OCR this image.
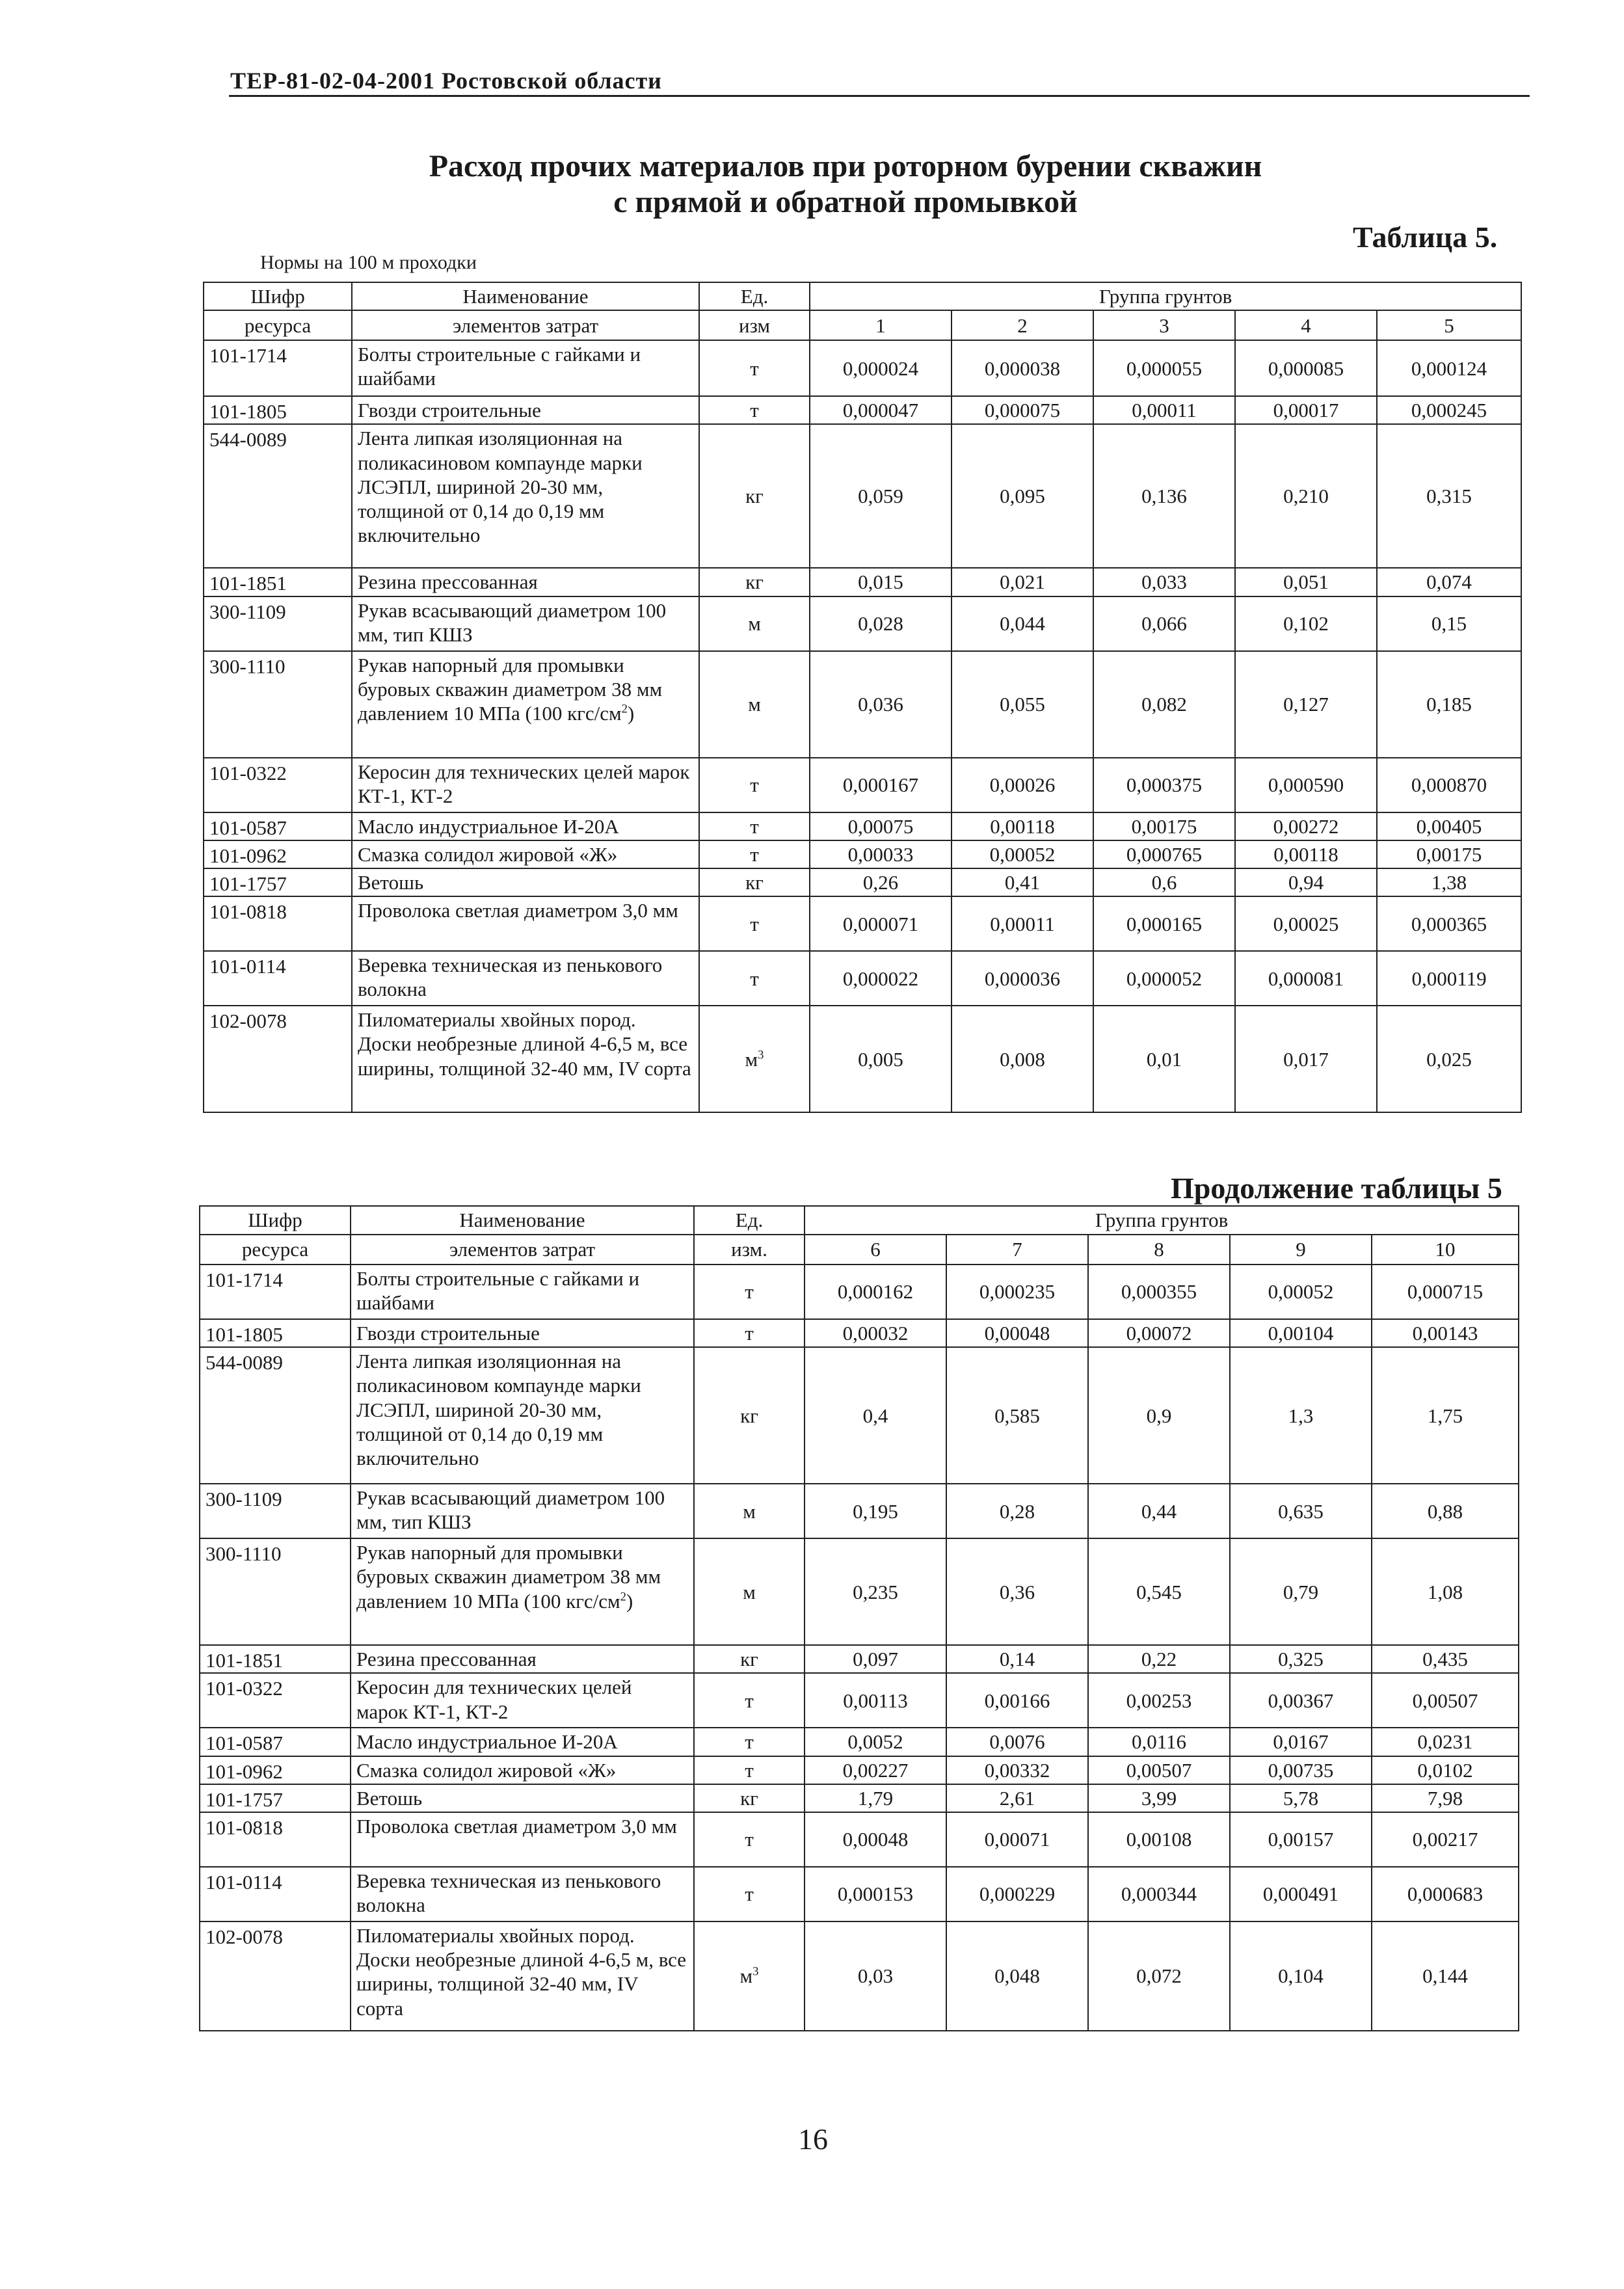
ТЕР-81-02-04-2001 Ростовской области
Расход прочих материалов при роторном бурении скважин
с прямой и обратной промывкой
Таблица 5.
Нормы на 100 м проходки
Шифр	Наименование	Ед.	Группа грунтов				
ресурса	элементов затрат	изм	1	2	3	4	5
101-1714	Болты строительные с гайками и шайбами	т	0,000024	0,000038	0,000055	0,000085	0,000124
101-1805	Гвозди строительные	т	0,000047	0,000075	0,00011	0,00017	0,000245
544-0089	Лента липкая изоляционная на поликасиновом компаунде марки ЛСЭПЛ, шириной 20-30 мм, толщиной от 0,14 до 0,19 мм включительно	кг	0,059	0,095	0,136	0,210	0,315
101-1851	Резина прессованная	кг	0,015	0,021	0,033	0,051	0,074
300-1109	Рукав всасывающий диаметром 100 мм, тип КШЗ	м	0,028	0,044	0,066	0,102	0,15
300-1110	Рукав напорный для промывки буровых скважин диаметром 38 мм давлением 10 МПа (100 кгс/$см^2$)	м	0,036	0,055	0,082	0,127	0,185
101-0322	Керосин для технических целей марок КТ-1, КТ-2	т	0,000167	0,00026	0,000375	0,000590	0,000870
101-0587	Масло индустриальное И-20А	т	0,00075	0,00118	0,00175	0,00272	0,00405
101-0962	Смазка солидол жировой «Ж»	т	0,00033	0,00052	0,000765	0,00118	0,00175
101-1757	Ветошь	кг	0,26	0,41	0,6	0,94	1,38
101-0818	Проволока светлая диаметром 3,0 мм	т	0,000071	0,00011	0,000165	0,00025	0,000365
101-0114	Веревка техническая из пенькового волокна	т	0,000022	0,000036	0,000052	0,000081	0,000119
102-0078	Пиломатериалы хвойных пород. Доски необрезные длиной 4-6,5 м, все ширины, толщиной 32-40 мм, IV сорта	$м^3$	0,005	0,008	0,01	0,017	0,025
Продолжение таблицы 5
Шифр	Наименование	Ед.	Группа грунтов				
ресурса	элементов затрат	изм.	6	7	8	9	10
101-1714	Болты строительные с гайками и шайбами	т	0,000162	0,000235	0,000355	0,00052	0,000715
101-1805	Гвозди строительные	т	0,00032	0,00048	0,00072	0,00104	0,00143
544-0089	Лента липкая изоляционная на поликасиновом компаунде марки ЛСЭПЛ, шириной 20-30 мм, толщиной от 0,14 до 0,19 мм включительно	кг	0,4	0,585	0,9	1,3	1,75
300-1109	Рукав всасывающий диаметром 100 мм, тип КШЗ	м	0,195	0,28	0,44	0,635	0,88
300-1110	Рукав напорный для промывки буровых скважин диаметром 38 мм давлением 10 МПа (100 кгс/$см^2$)	м	0,235	0,36	0,545	0,79	1,08
101-1851	Резина прессованная	кг	0,097	0,14	0,22	0,325	0,435
101-0322	Керосин для технических целей марок КТ-1, КТ-2	т	0,00113	0,00166	0,00253	0,00367	0,00507
101-0587	Масло индустриальное И-20А	т	0,0052	0,0076	0,0116	0,0167	0,0231
101-0962	Смазка солидол жировой «Ж»	т	0,00227	0,00332	0,00507	0,00735	0,0102
101-1757	Ветошь	кг	1,79	2,61	3,99	5,78	7,98
101-0818	Проволока светлая диаметром 3,0 мм	т	0,00048	0,00071	0,00108	0,00157	0,00217
101-0114	Веревка техническая из пенькового волокна	т	0,000153	0,000229	0,000344	0,000491	0,000683
102-0078	Пиломатериалы хвойных пород. Доски необрезные длиной 4-6,5 м, все ширины, толщиной 32-40 мм, IV сорта	$м^3$	0,03	0,048	0,072	0,104	0,144
16
